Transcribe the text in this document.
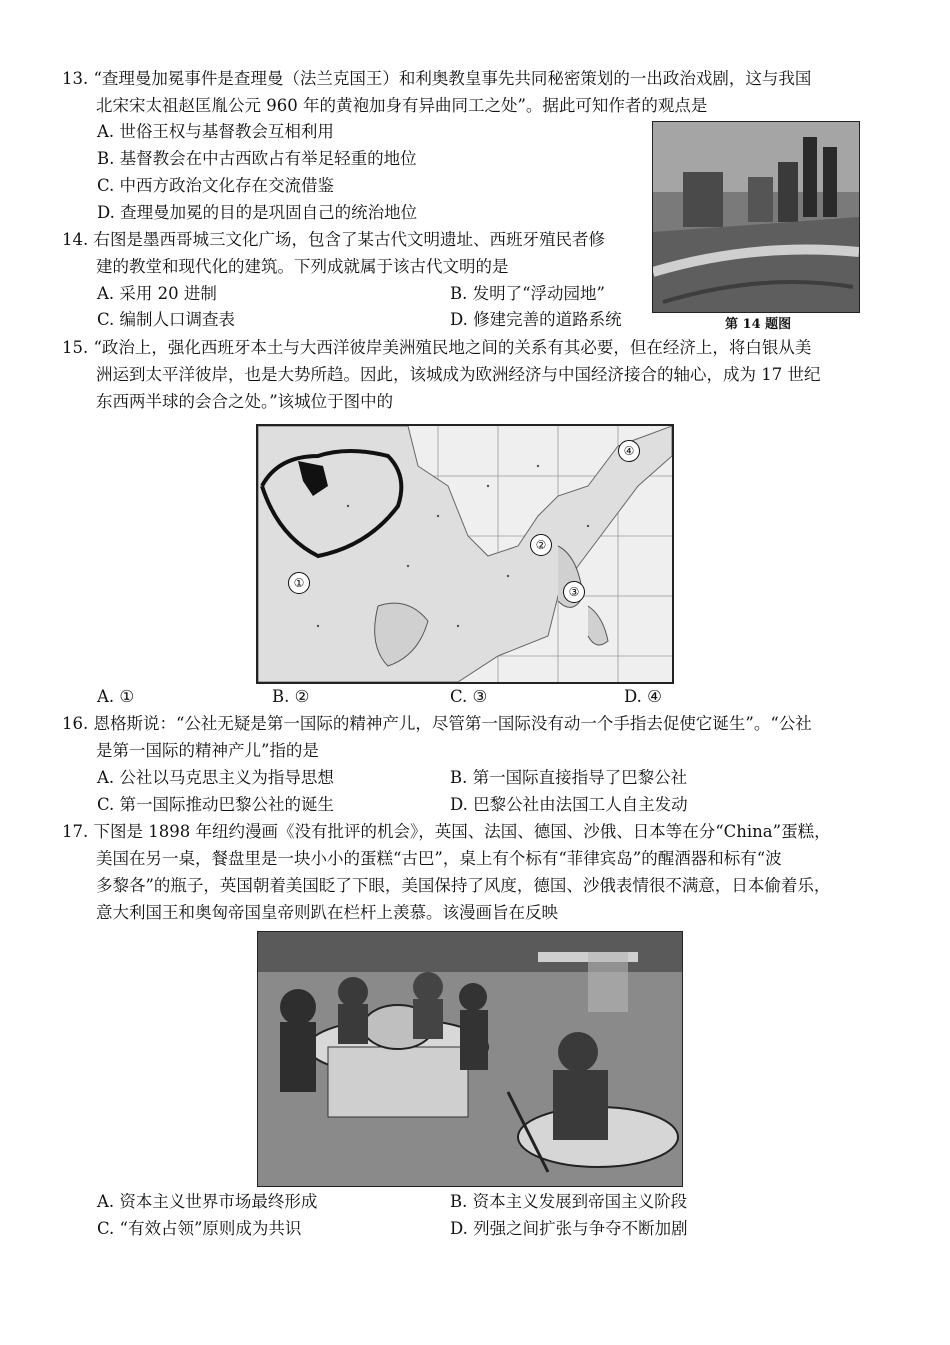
13. “查理曼加冕事件是查理曼（法兰克国王）和利奥教皇事先共同秘密策划的一出政治戏剧，这与我国
北宋宋太祖赵匡胤公元 960 年的黄袍加身有异曲同工之处”。据此可知作者的观点是
A. 世俗王权与基督教会互相利用
B. 基督教会在中古西欧占有举足轻重的地位
C. 中西方政治文化存在交流借鉴
D. 查理曼加冕的目的是巩固自己的统治地位
第 14 题图
14. 右图是墨西哥城三文化广场，包含了某古代文明遗址、西班牙殖民者修
建的教堂和现代化的建筑。下列成就属于该古代文明的是
A. 采用 20 进制	B. 发明了“浮动园地”
C. 编制人口调查表	D. 修建完善的道路系统
15. “政治上，强化西班牙本土与大西洋彼岸美洲殖民地之间的关系有其必要，但在经济上，将白银从美
洲运到太平洋彼岸，也是大势所趋。因此，该城成为欧洲经济与中国经济接合的轴心，成为 17 世纪
东西两半球的会合之处。”该城位于图中的
①
②
③
④
A. ①	B. ②	C. ③	D. ④
16. 恩格斯说：“公社无疑是第一国际的精神产儿，尽管第一国际没有动一个手指去促使它诞生”。“公社
是第一国际的精神产儿”指的是
A. 公社以马克思主义为指导思想	B. 第一国际直接指导了巴黎公社
C. 第一国际推动巴黎公社的诞生	D. 巴黎公社由法国工人自主发动
17. 下图是 1898 年纽约漫画《没有批评的机会》，英国、法国、德国、沙俄、日本等在分“China”蛋糕，
美国在另一桌，餐盘里是一块小小的蛋糕“古巴”，桌上有个标有“菲律宾岛”的醒酒器和标有“波
多黎各”的瓶子，英国朝着美国眨了下眼，美国保持了风度，德国、沙俄表情很不满意，日本偷着乐，
意大利国王和奥匈帝国皇帝则趴在栏杆上羡慕。该漫画旨在反映
A. 资本主义世界市场最终形成	B. 资本主义发展到帝国主义阶段
C. “有效占领”原则成为共识	D. 列强之间扩张与争夺不断加剧
